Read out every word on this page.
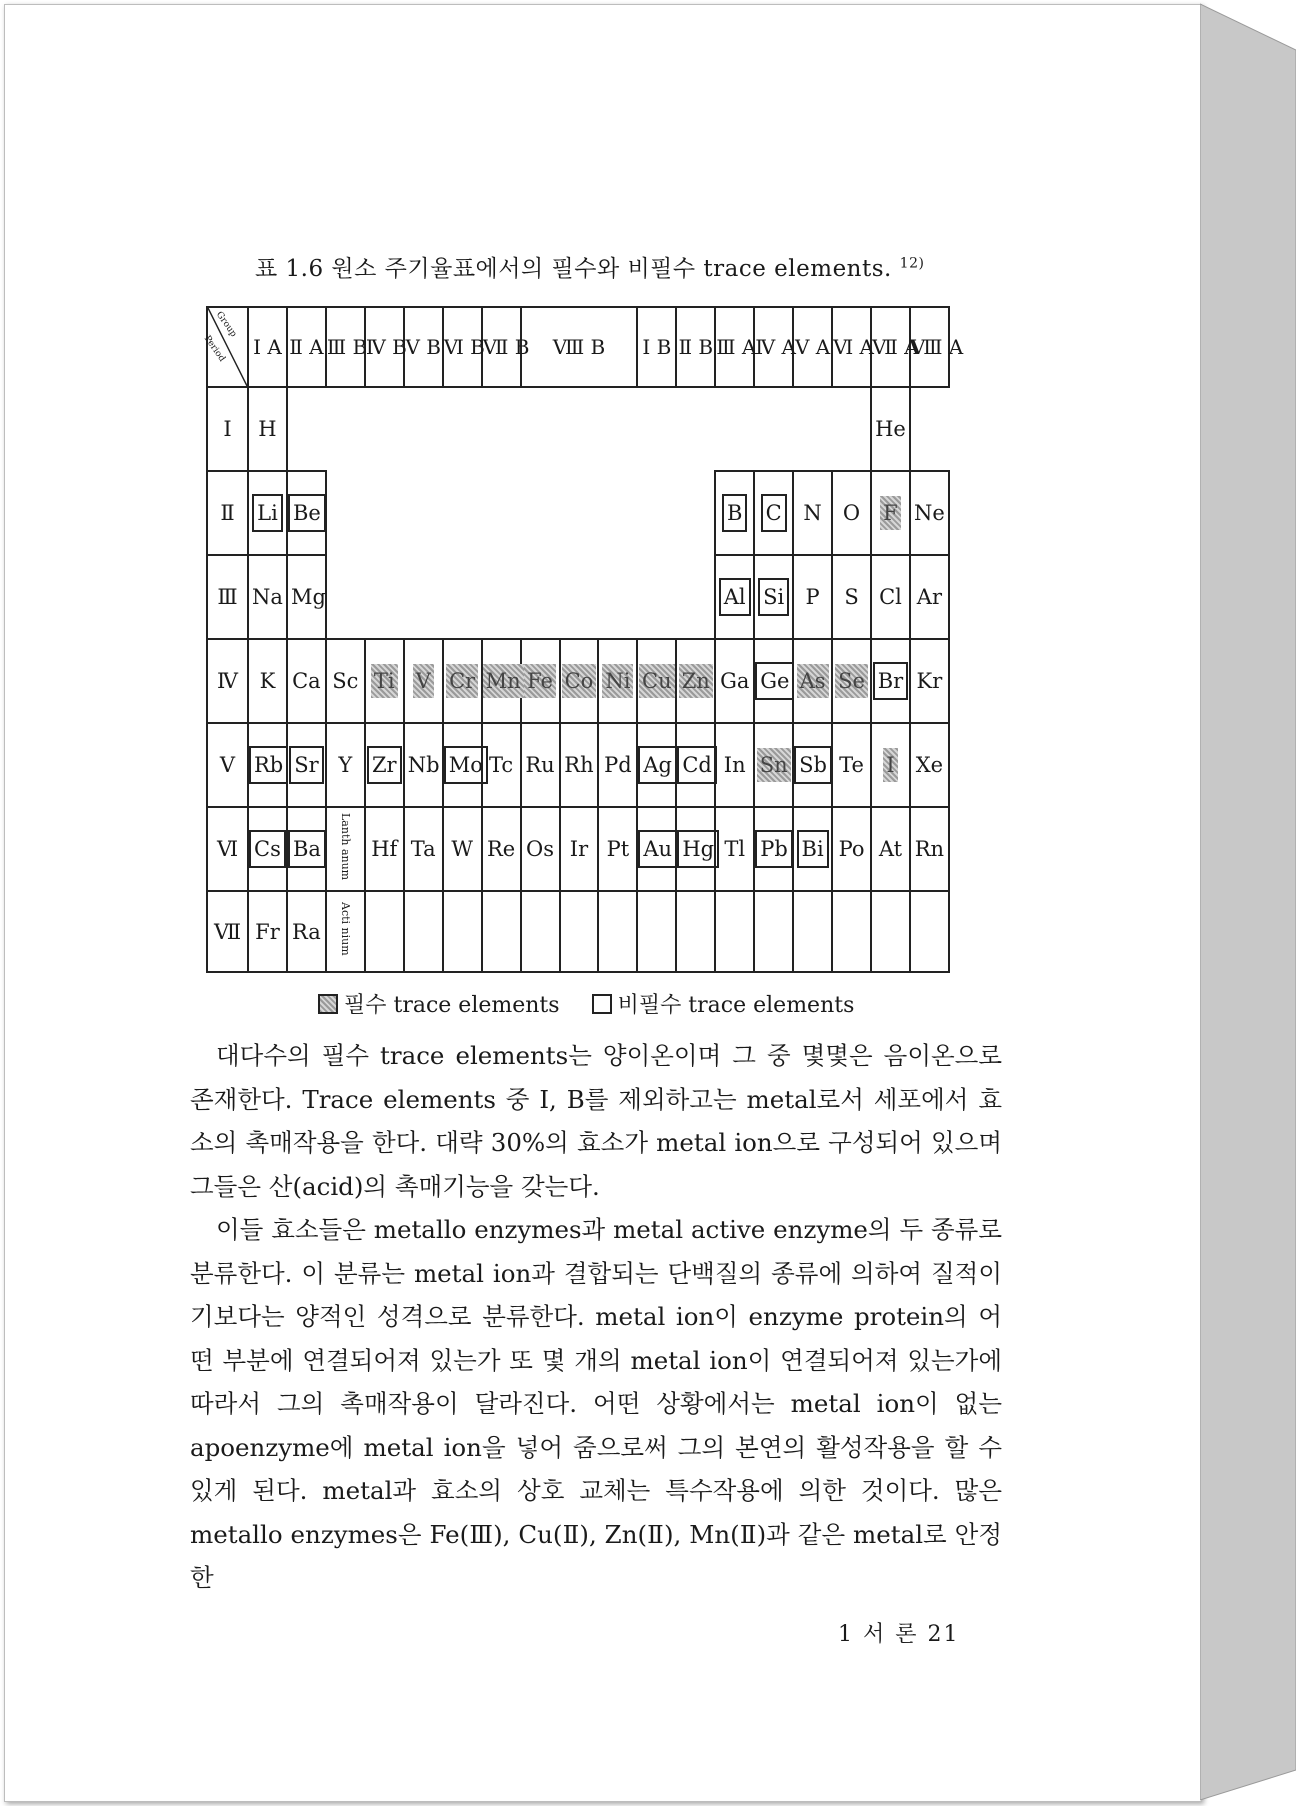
표 1.6 원소 주기율표에서의 필수와 비필수 trace elements. $^{12)}$
Group
Period	Ⅰ A	Ⅱ A	Ⅲ B	Ⅳ B	Ⅴ B	Ⅵ B	Ⅶ B	Ⅷ B			Ⅰ B	Ⅱ B	Ⅲ A	Ⅳ A	Ⅴ A	Ⅵ A	Ⅶ A	Ⅷ A
Ⅰ	H																He	
Ⅱ	Li	Be											B	C	N	O	F	Ne
Ⅲ	Na	Mg											Al	Si	P	S	Cl	Ar
Ⅳ	K	Ca	Sc	Ti	V	Cr	Mn	Fe	Co	Ni	Cu	Zn	Ga	Ge	As	Se	Br	Kr
Ⅴ	Rb	Sr	Y	Zr	Nb	Mo	Tc	Ru	Rh	Pd	Ag	Cd	In	Sn	Sb	Te	I	Xe
Ⅵ	Cs	Ba	Lanth anum	Hf	Ta	W	Re	Os	Ir	Pt	Au	Hg	Tl	Pb	Bi	Po	At	Rn
Ⅶ	Fr	Ra	Acti nium															
필수 trace elements	비필수 trace elements

대다수의 필수 trace elements는 양이온이며 그 중 몇몇은 음이온으로 존재한다. Trace elements 중 I, B를 제외하고는 metal로서 세포에서 효소의 촉매작용을 한다. 대략 30%의 효소가 metal ion으로 구성되어 있으며 그들은 산(acid)의 촉매기능을 갖는다.

이들 효소들은 metallo enzymes과 metal active enzyme의 두 종류로 분류한다. 이 분류는 metal ion과 결합되는 단백질의 종류에 의하여 질적이기보다는 양적인 성격으로 분류한다. metal ion이 enzyme protein의 어떤 부분에 연결되어져 있는가 또 몇 개의 metal ion이 연결되어져 있는가에 따라서 그의 촉매작용이 달라진다. 어떤 상황에서는 metal ion이 없는 apoenzyme에 metal ion을 넣어 줌으로써 그의 본연의 활성작용을 할 수 있게 된다. metal과 효소의 상호 교체는 특수작용에 의한 것이다. 많은 metallo enzymes은 Fe(Ⅲ), Cu(Ⅱ), Zn(Ⅱ), Mn(Ⅱ)과 같은 metal로 안정한

1 서 론 21
